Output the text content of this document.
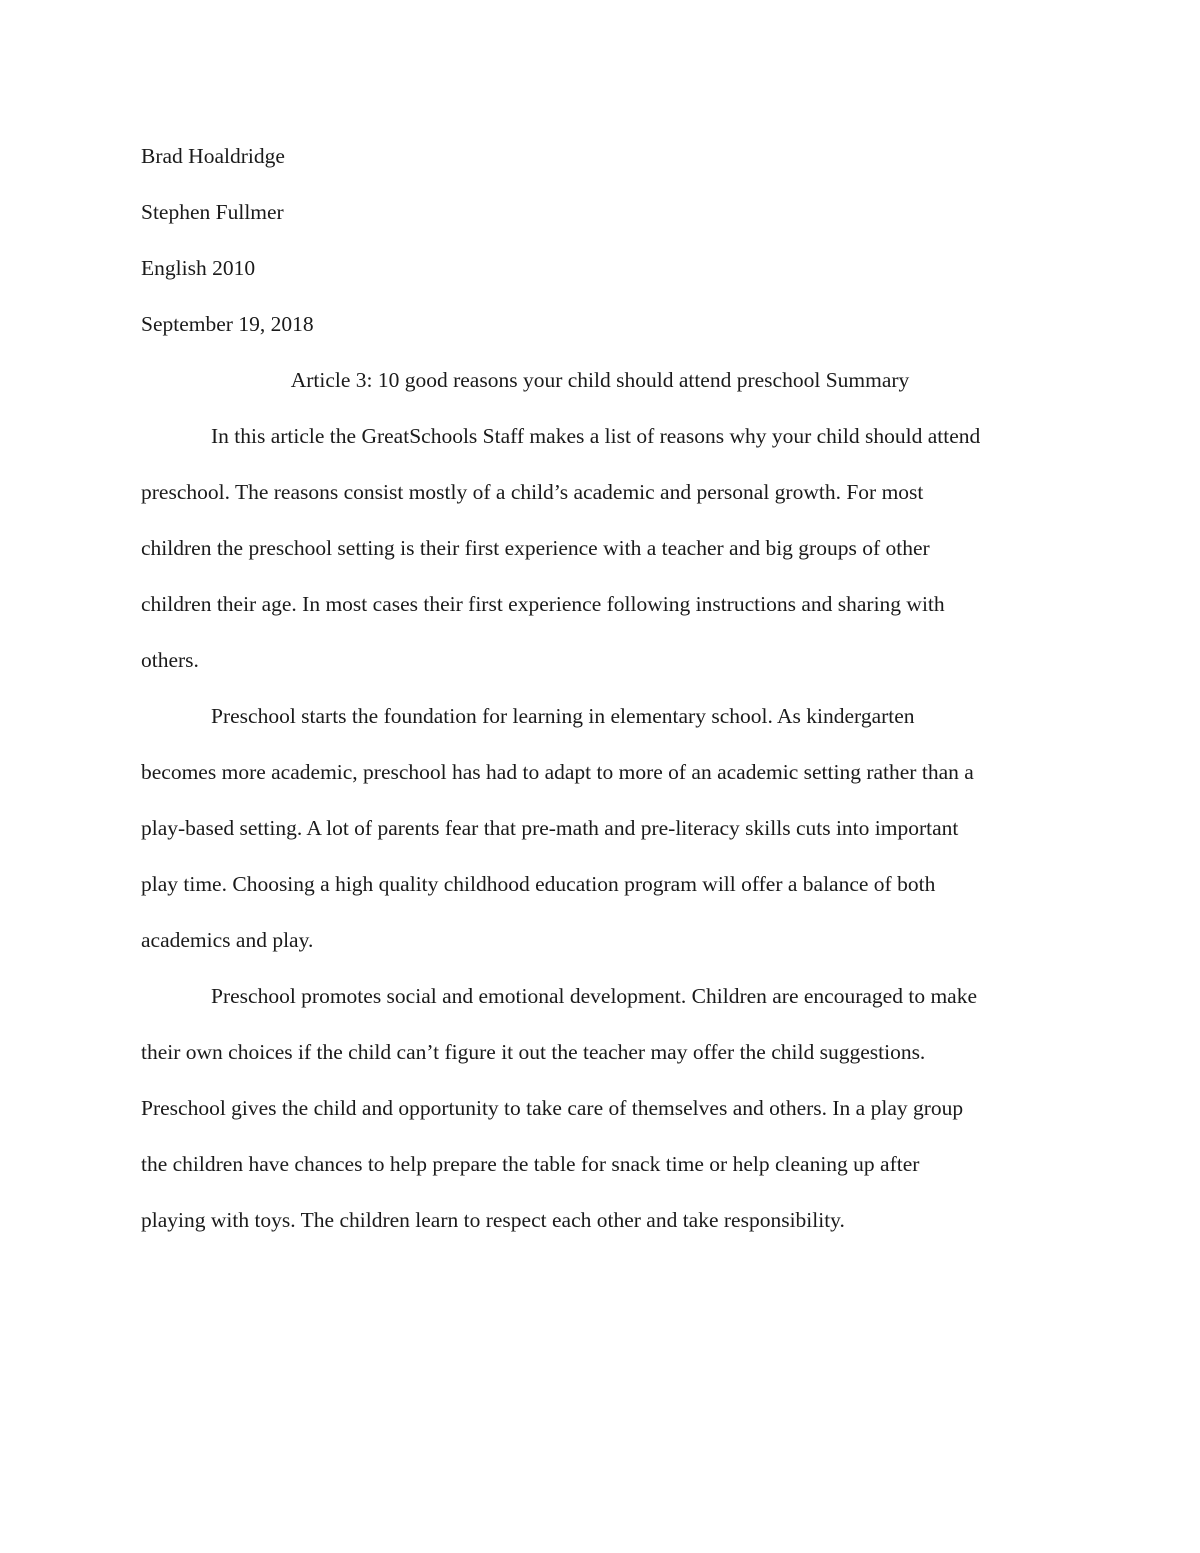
Brad Hoaldridge
Stephen Fullmer
English 2010
September 19, 2018
Article 3: 10 good reasons your child should attend preschool Summary
In this article the GreatSchools Staff makes a list of reasons why your child should attend
preschool. The reasons consist mostly of a child’s academic and personal growth. For most
children the preschool setting is their first experience with a teacher and big groups of other
children their age. In most cases their first experience following instructions and sharing with
others.
Preschool starts the foundation for learning in elementary school. As kindergarten
becomes more academic, preschool has had to adapt to more of an academic setting rather than a
play-based setting. A lot of parents fear that pre-math and pre-literacy skills cuts into important
play time. Choosing a high quality childhood education program will offer a balance of both
academics and play.
Preschool promotes social and emotional development. Children are encouraged to make
their own choices if the child can’t figure it out the teacher may offer the child suggestions.
Preschool gives the child and opportunity to take care of themselves and others. In a play group
the children have chances to help prepare the table for snack time or help cleaning up after
playing with toys. The children learn to respect each other and take responsibility.
